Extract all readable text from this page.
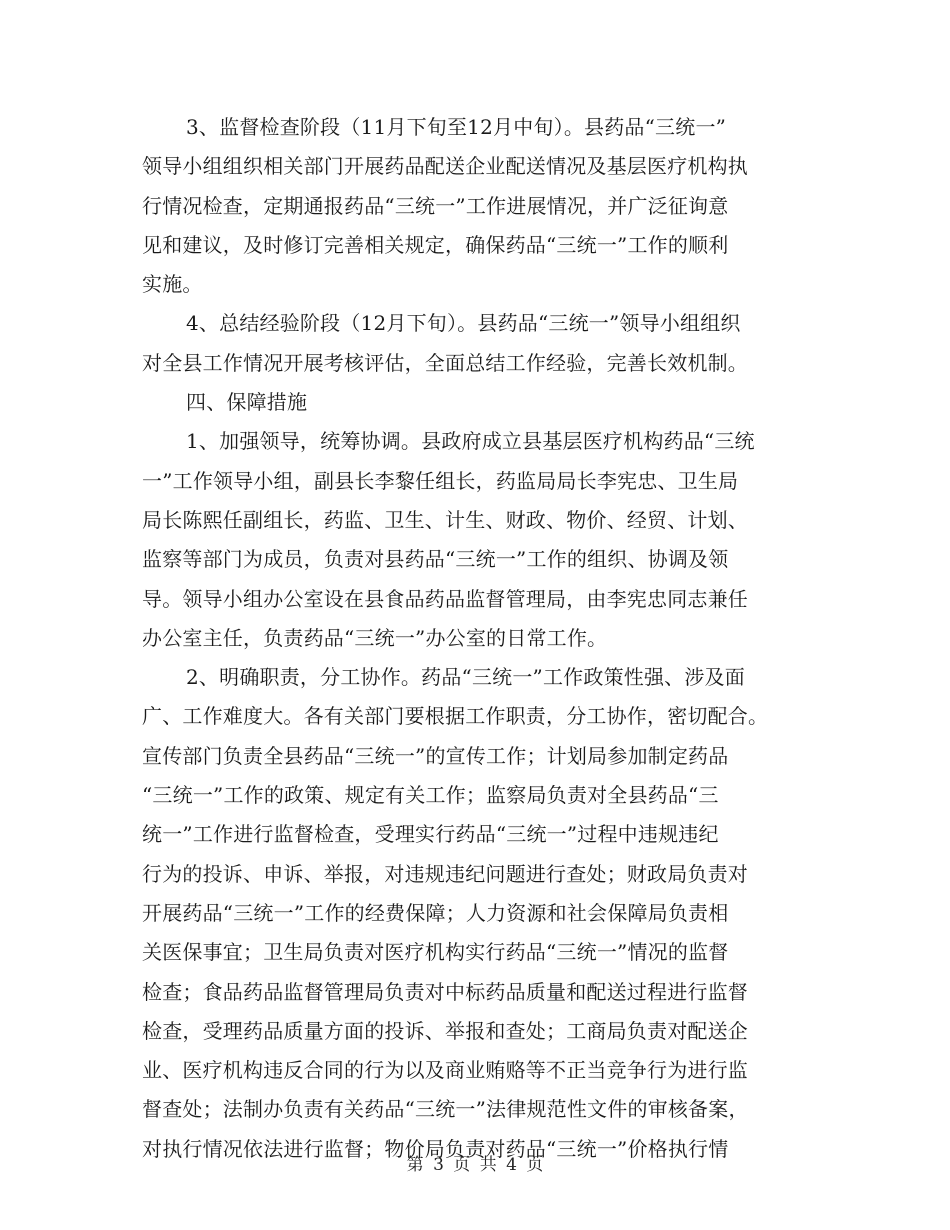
3、监督检查阶段（11月下旬至12月中旬）。县药品“三统一”
领导小组组织相关部门开展药品配送企业配送情况及基层医疗机构执
行情况检查，定期通报药品“三统一”工作进展情况，并广泛征询意
见和建议，及时修订完善相关规定，确保药品“三统一”工作的顺利
实施。
4、总结经验阶段（12月下旬）。县药品“三统一”领导小组组织
对全县工作情况开展考核评估，全面总结工作经验，完善长效机制。
四、保障措施
1、加强领导，统筹协调。县政府成立县基层医疗机构药品“三统
一”工作领导小组，副县长李黎任组长，药监局局长李宪忠、卫生局
局长陈熙任副组长，药监、卫生、计生、财政、物价、经贸、计划、
监察等部门为成员，负责对县药品“三统一”工作的组织、协调及领
导。领导小组办公室设在县食品药品监督管理局，由李宪忠同志兼任
办公室主任，负责药品“三统一”办公室的日常工作。
2、明确职责，分工协作。药品“三统一”工作政策性强、涉及面
广、工作难度大。各有关部门要根据工作职责，分工协作，密切配合。
宣传部门负责全县药品“三统一”的宣传工作；计划局参加制定药品
“三统一”工作的政策、规定有关工作；监察局负责对全县药品“三
统一”工作进行监督检查，受理实行药品“三统一”过程中违规违纪
行为的投诉、申诉、举报，对违规违纪问题进行查处；财政局负责对
开展药品“三统一”工作的经费保障；人力资源和社会保障局负责相
关医保事宜；卫生局负责对医疗机构实行药品“三统一”情况的监督
检查；食品药品监督管理局负责对中标药品质量和配送过程进行监督
检查，受理药品质量方面的投诉、举报和查处；工商局负责对配送企
业、医疗机构违反合同的行为以及商业贿赂等不正当竞争行为进行监
督查处；法制办负责有关药品“三统一”法律规范性文件的审核备案，
对执行情况依法进行监督；物价局负责对药品“三统一”价格执行情
第 3 页 共 4 页
